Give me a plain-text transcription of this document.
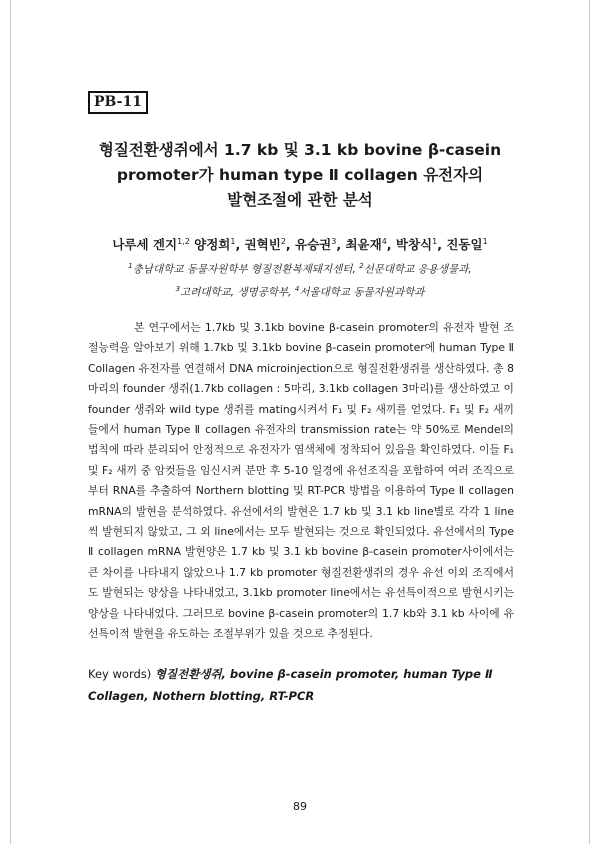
PB-11
형질전환생쥐에서 1.7 kb 및 3.1 kb bovine β-casein
promoter가 human type Ⅱ collagen 유전자의
발현조절에 관한 분석
나루세 겐지$^{1,2}$ 양정희$^1$, 권혁빈$^2$, 유승권$^3$, 최윤재$^4$, 박창식$^1$, 진동일$^1$
$^1$충남대학교 동물자원학부 형질전환복제돼지센터, $^2$선문대학교 응용생물과,
$^3$고려대학교, 생명공학부, $^4$서울대학교 동물자원과학과

본 연구에서는 1.7kb 및 3.1kb bovine β-casein promoter의 유전자 발현 조절능력을 알아보기 위해 1.7kb 및 3.1kb bovine β-casein promoter에 human Type Ⅱ Collagen 유전자를 연결해서 DNA microinjection으로 형질전환생쥐를 생산하였다. 총 8마리의 founder 생쥐(1.7kb collagen : 5마리, 3.1kb collagen 3마리)를 생산하였고 이 founder 생쥐와 wild type 생쥐를 mating시켜서 F₁ 및 F₂ 새끼를 얻었다. F₁ 및 F₂ 새끼들에서 human Type Ⅱ collagen 유전자의 transmission rate는 약 50%로 Mendel의 법칙에 따라 분리되어 안정적으로 유전자가 염색체에 정착되어 있음을 확인하였다. 이들 F₁ 및 F₂ 새끼 중 암컷들을 임신시켜 분만 후 5-10 일경에 유선조직을 포함하여 여러 조직으로부터 RNA를 추출하여 Northern blotting 및 RT-PCR 방법을 이용하여 Type Ⅱ collagen mRNA의 발현을 분석하였다. 유선에서의 발현은 1.7 kb 및 3.1 kb line별로 각각 1 line씩 발현되지 않았고, 그 외 line에서는 모두 발현되는 것으로 확인되었다. 유선에서의 Type Ⅱ collagen mRNA 발현양은 1.7 kb 및 3.1 kb bovine β-casein promoter사이에서는 큰 차이를 나타내지 않았으나 1.7 kb promoter 형질전환생쥐의 경우 유선 이외 조직에서도 발현되는 양상을 나타내었고, 3.1kb promoter line에서는 유선특이적으로 발현시키는 양상을 나타내었다. 그러므로 bovine β-casein promoter의 1.7 kb와 3.1 kb 사이에 유선특이적 발현을 유도하는 조절부위가 있을 것으로 추정된다.

Key words) 형질전환생쥐, bovine β-casein promoter, human Type Ⅱ Collagen, Nothern blotting, RT-PCR
89
